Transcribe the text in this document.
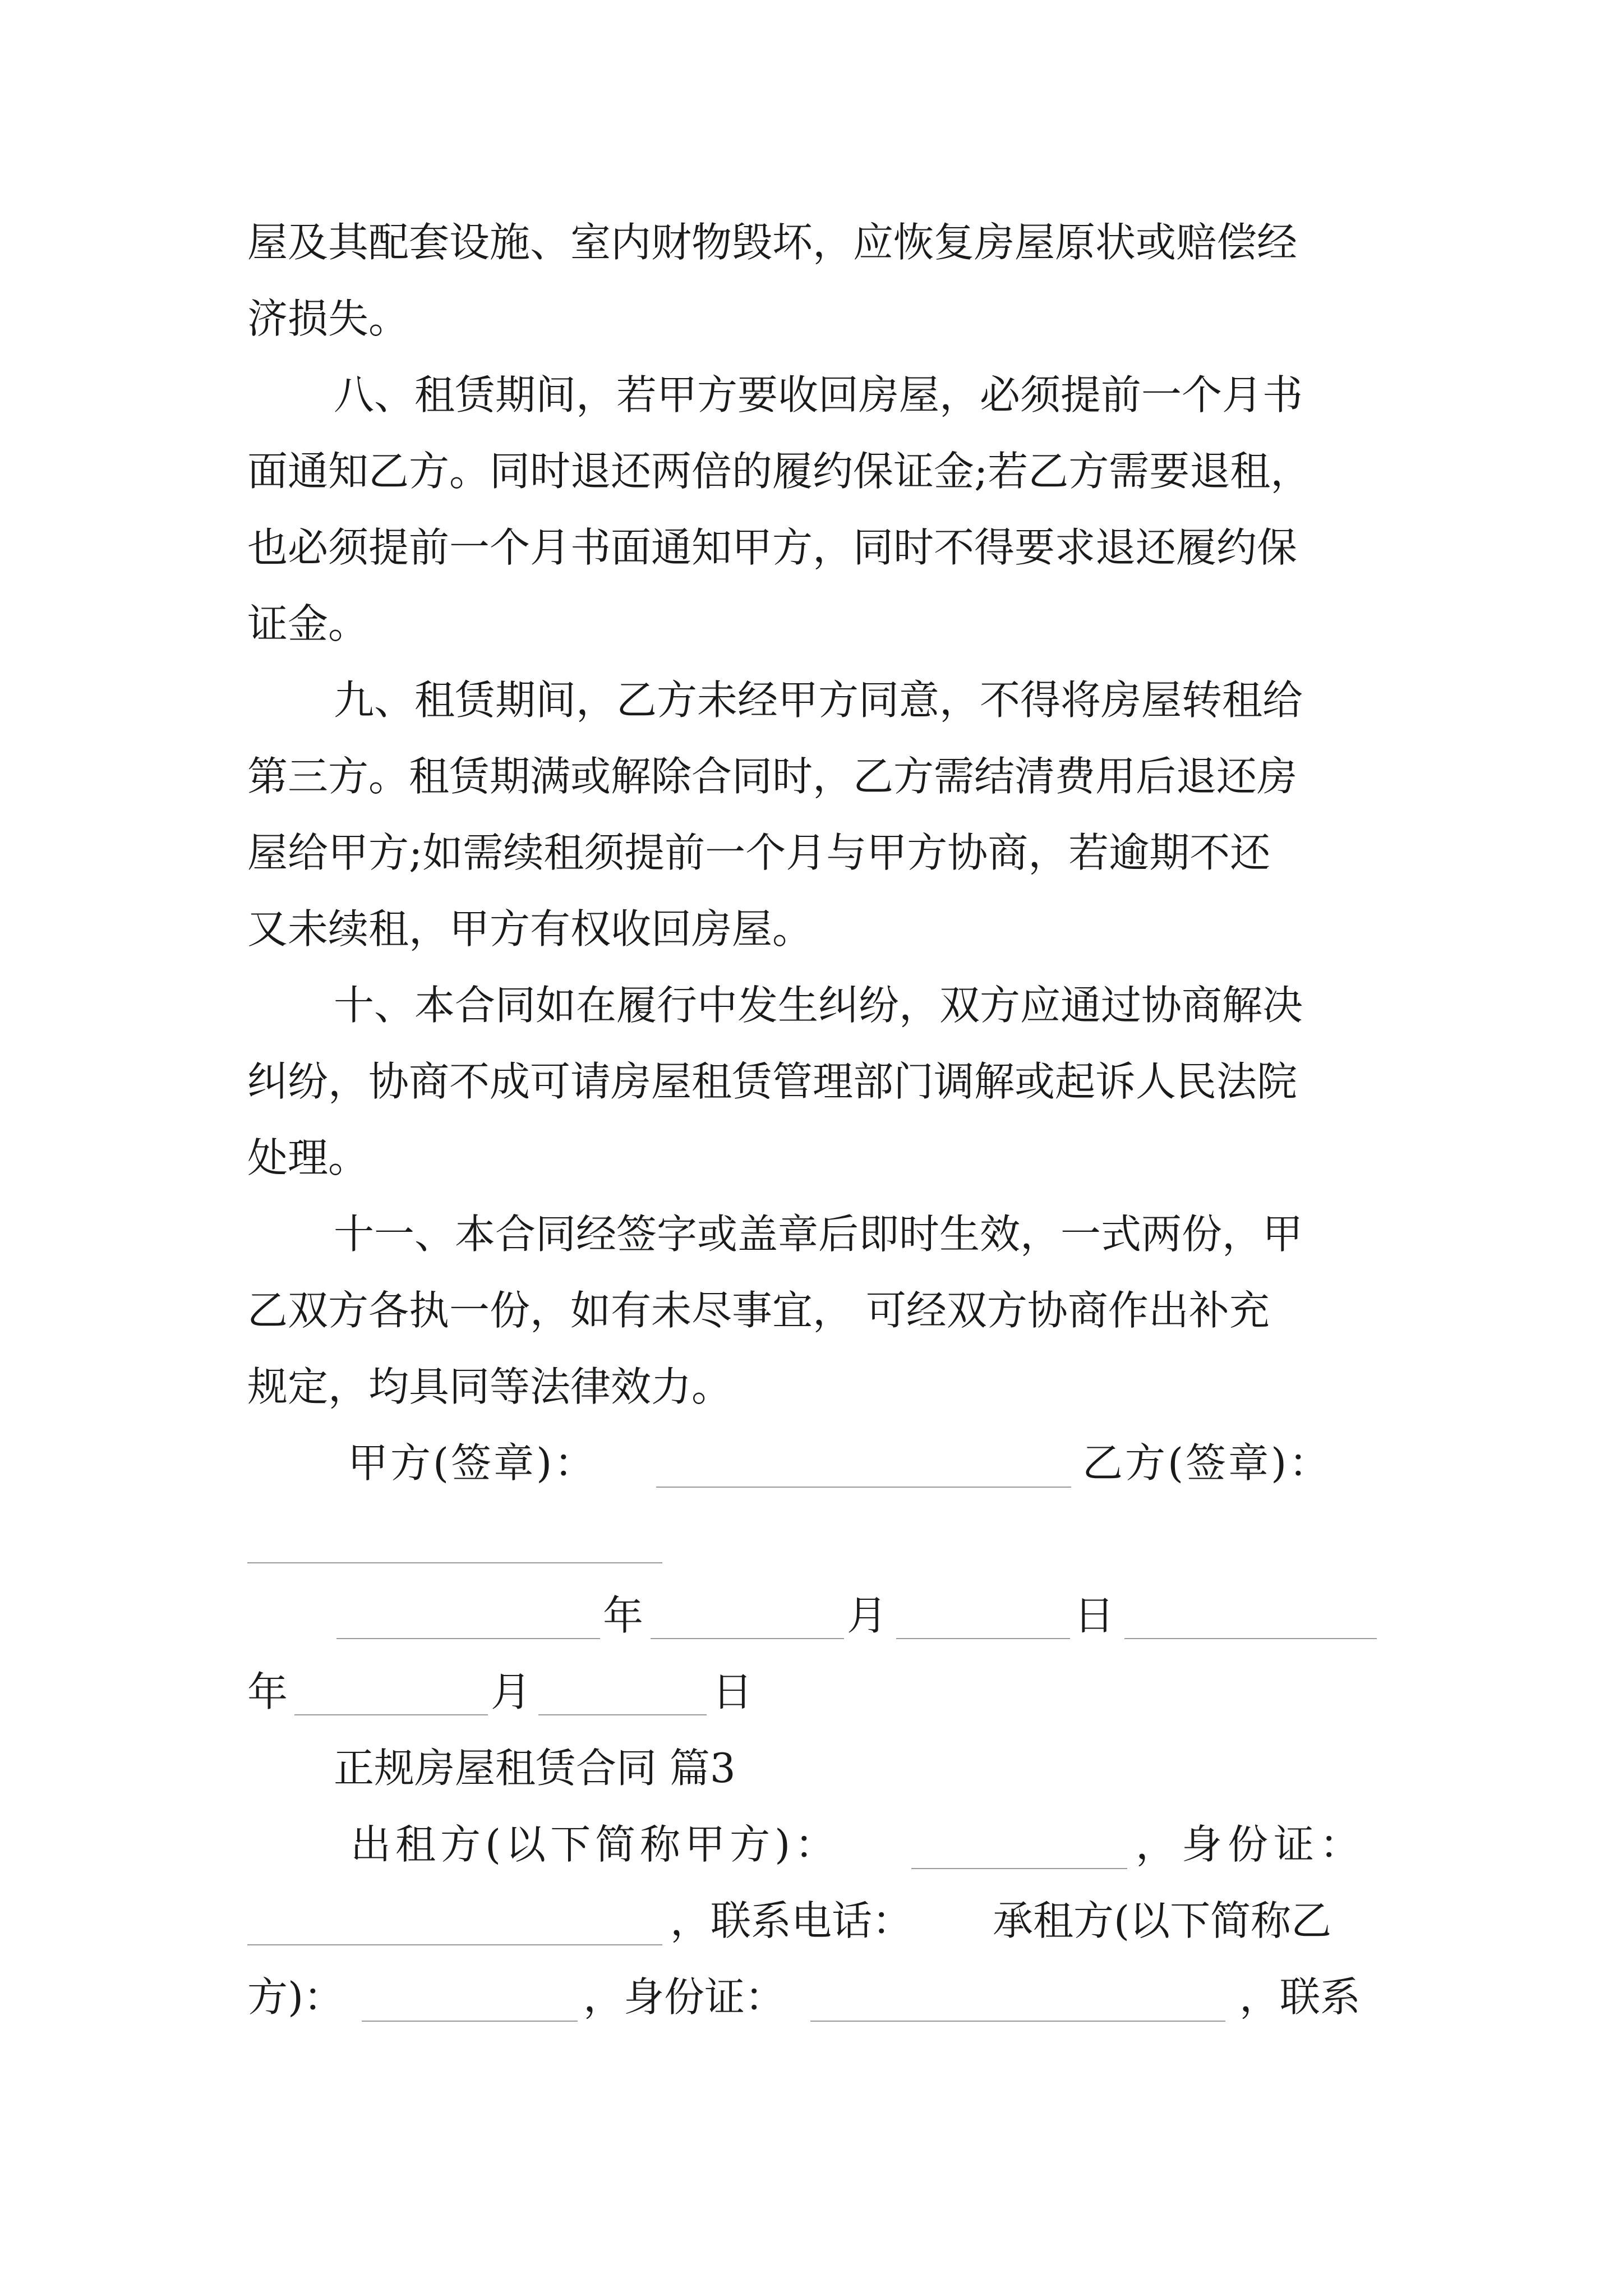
屋及其配套设施、室内财物毁坏，应恢复房屋原状或赔偿经
济损失。
八、租赁期间，若甲方要收回房屋，必须提前一个月书
面通知乙方。同时退还两倍的履约保证金;若乙方需要退租，
也必须提前一个月书面通知甲方，同时不得要求退还履约保
证金。
九、租赁期间，乙方未经甲方同意，不得将房屋转租给
第三方。租赁期满或解除合同时，乙方需结清费用后退还房
屋给甲方;如需续租须提前一个月与甲方协商，若逾期不还
又未续租，甲方有权收回房屋。
十、本合同如在履行中发生纠纷，双方应通过协商解决
纠纷，协商不成可请房屋租赁管理部门调解或起诉人民法院
处理。
十一、本合同经签字或盖章后即时生效，一式两份，甲
乙双方各执一份，如有未尽事宜， 可经双方协商作出补充
规定，均具同等法律效力。
甲方(签章)：	乙方(签章)：
年	月	日
年	月	日
正规房屋租赁合同 篇3
出租方(以下简称甲方)：	，身份证：
，联系电话： 承租方(以下简称乙
方)：	，身份证：	，联系
